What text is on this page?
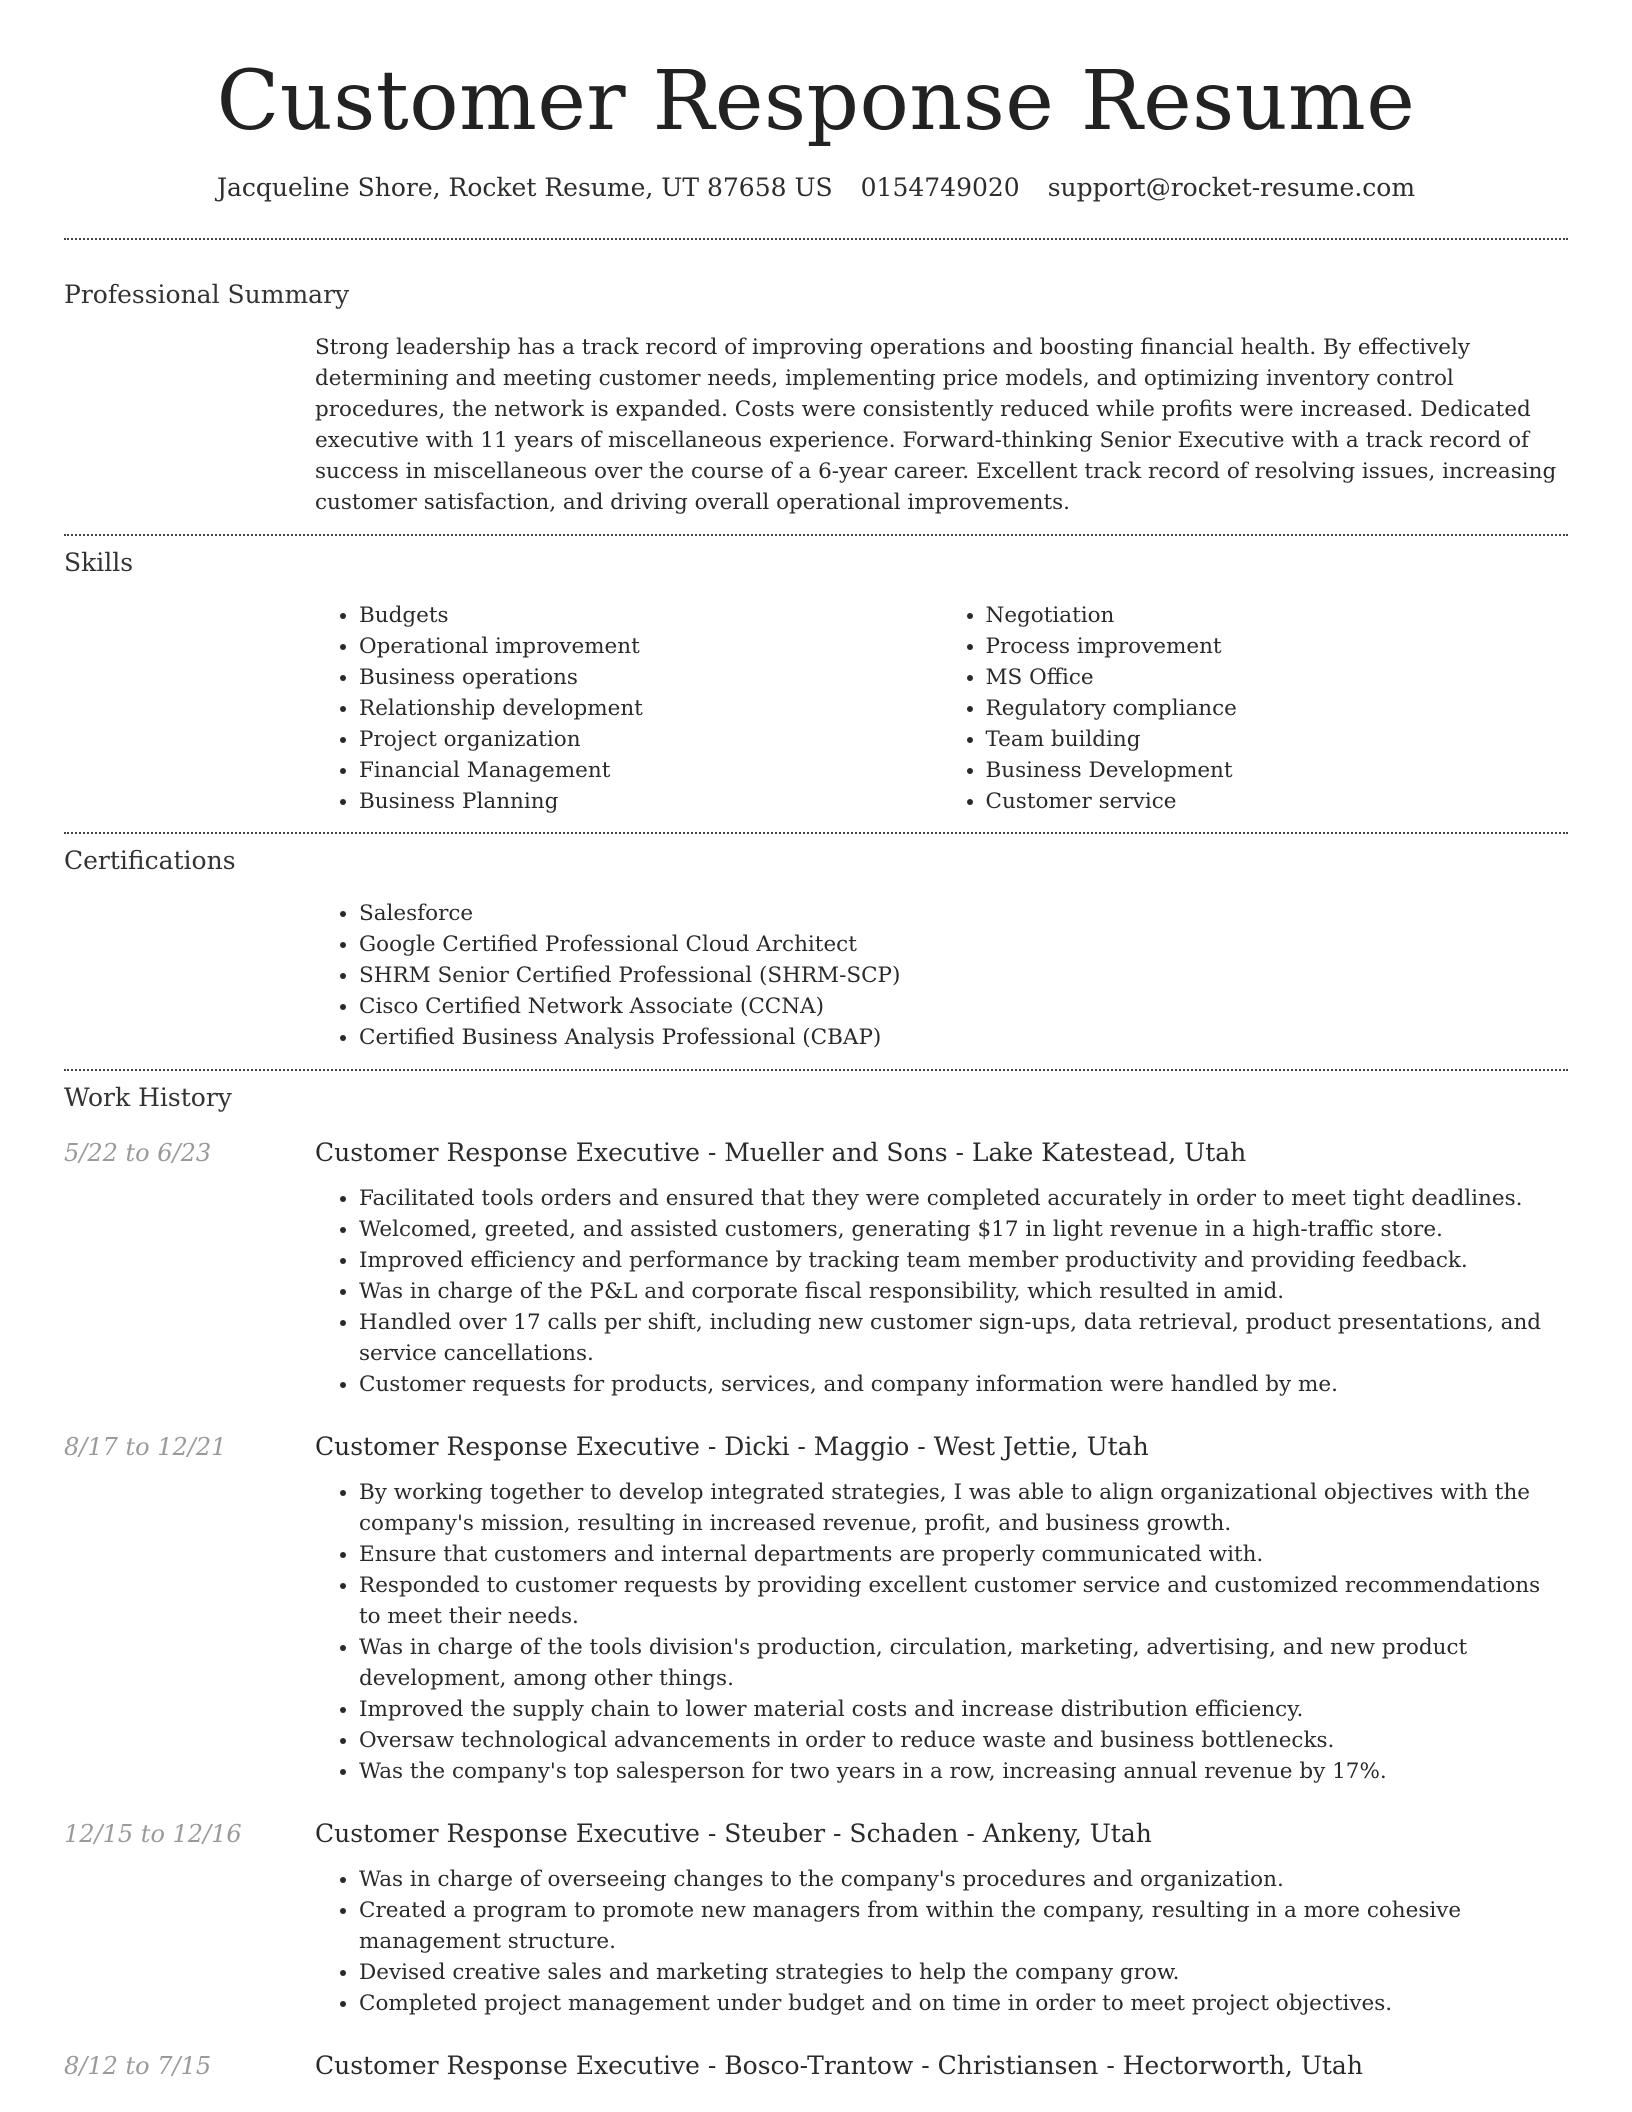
Customer Response Resume
Jacqueline Shore, Rocket Resume, UT 87658 US 0154749020 support@rocket-resume.com
Professional Summary

Strong leadership has a track record of improving operations and boosting financial health. By effectively determining and meeting customer needs, implementing price models, and optimizing inventory control procedures, the network is expanded. Costs were consistently reduced while profits were increased. Dedicated executive with 11 years of miscellaneous experience. Forward-thinking Senior Executive with a track record of success in miscellaneous over the course of a 6-year career. Excellent track record of resolving issues, increasing customer satisfaction, and driving overall operational improvements.

Skills
• Budgets
• Operational improvement
• Business operations
• Relationship development
• Project organization
• Financial Management
• Business Planning
• Negotiation
• Process improvement
• MS Office
• Regulatory compliance
• Team building
• Business Development
• Customer service
Certifications
• Salesforce
• Google Certified Professional Cloud Architect
• SHRM Senior Certified Professional (SHRM-SCP)
• Cisco Certified Network Associate (CCNA)
• Certified Business Analysis Professional (CBAP)
Work History
5/22 to 6/23	Customer Response Executive - Mueller and Sons - Lake Katestead, Utah
• Facilitated tools orders and ensured that they were completed accurately in order to meet tight deadlines.
• Welcomed, greeted, and assisted customers, generating $17 in light revenue in a high-traffic store.
• Improved efficiency and performance by tracking team member productivity and providing feedback.
• Was in charge of the P&L and corporate fiscal responsibility, which resulted in amid.
• Handled over 17 calls per shift, including new customer sign-ups, data retrieval, product presentations, and service cancellations.
• Customer requests for products, services, and company information were handled by me.
8/17 to 12/21	Customer Response Executive - Dicki - Maggio - West Jettie, Utah
• By working together to develop integrated strategies, I was able to align organizational objectives with the company's mission, resulting in increased revenue, profit, and business growth.
• Ensure that customers and internal departments are properly communicated with.
• Responded to customer requests by providing excellent customer service and customized recommendations to meet their needs.
• Was in charge of the tools division's production, circulation, marketing, advertising, and new product development, among other things.
• Improved the supply chain to lower material costs and increase distribution efficiency.
• Oversaw technological advancements in order to reduce waste and business bottlenecks.
• Was the company's top salesperson for two years in a row, increasing annual revenue by 17%.
12/15 to 12/16	Customer Response Executive - Steuber - Schaden - Ankeny, Utah
• Was in charge of overseeing changes to the company's procedures and organization.
• Created a program to promote new managers from within the company, resulting in a more cohesive management structure.
• Devised creative sales and marketing strategies to help the company grow.
• Completed project management under budget and on time in order to meet project objectives.
8/12 to 7/15	Customer Response Executive - Bosco-Trantow - Christiansen - Hectorworth, Utah
